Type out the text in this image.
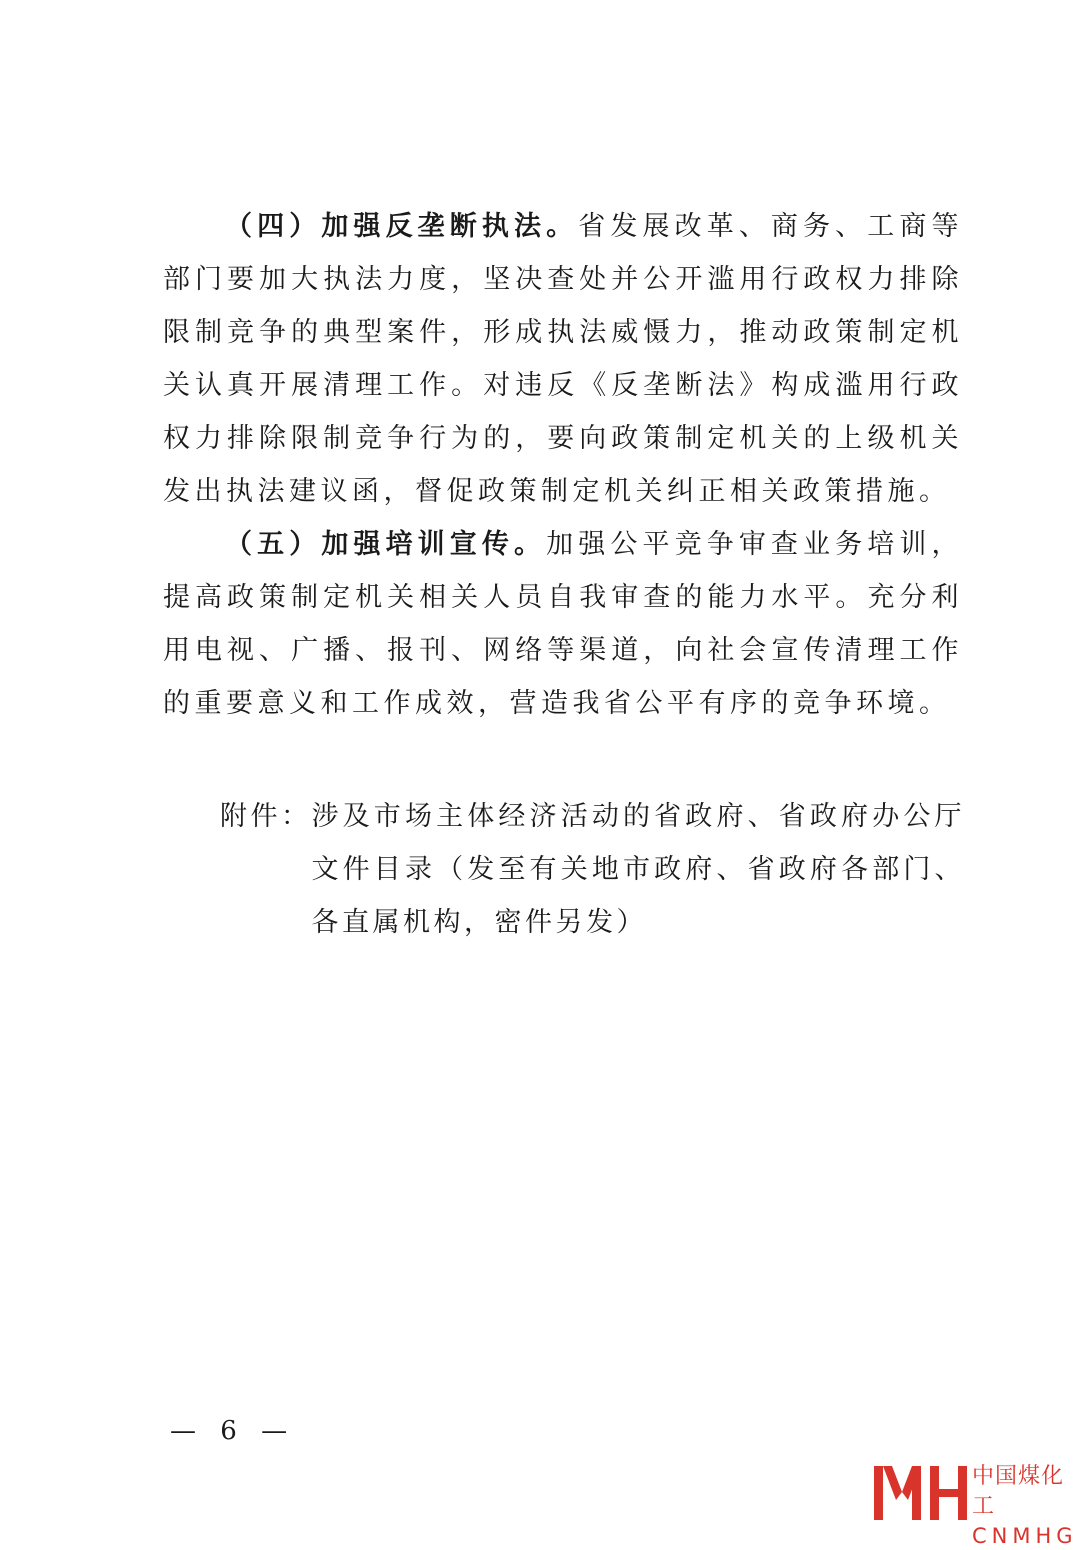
（四）加强反垄断执法。省发展改革、商务、工商等部门要加大执法力度，坚决查处并公开滥用行政权力排除限制竞争的典型案件，形成执法威慑力，推动政策制定机关认真开展清理工作。对违反《反垄断法》构成滥用行政权力排除限制竞争行为的，要向政策制定机关的上级机关发出执法建议函，督促政策制定机关纠正相关政策措施。

（五）加强培训宣传。加强公平竞争审查业务培训，提高政策制定机关相关人员自我审查的能力水平。充分利用电视、广播、报刊、网络等渠道，向社会宣传清理工作的重要意义和工作成效，营造我省公平有序的竞争环境。

附件： 涉及市场主体经济活动的省政府、省政府办公厅文件目录（发至有关地市政府、省政府各部门、各直属机构，密件另发）
— 6 —
中国煤化工
CNMHG
